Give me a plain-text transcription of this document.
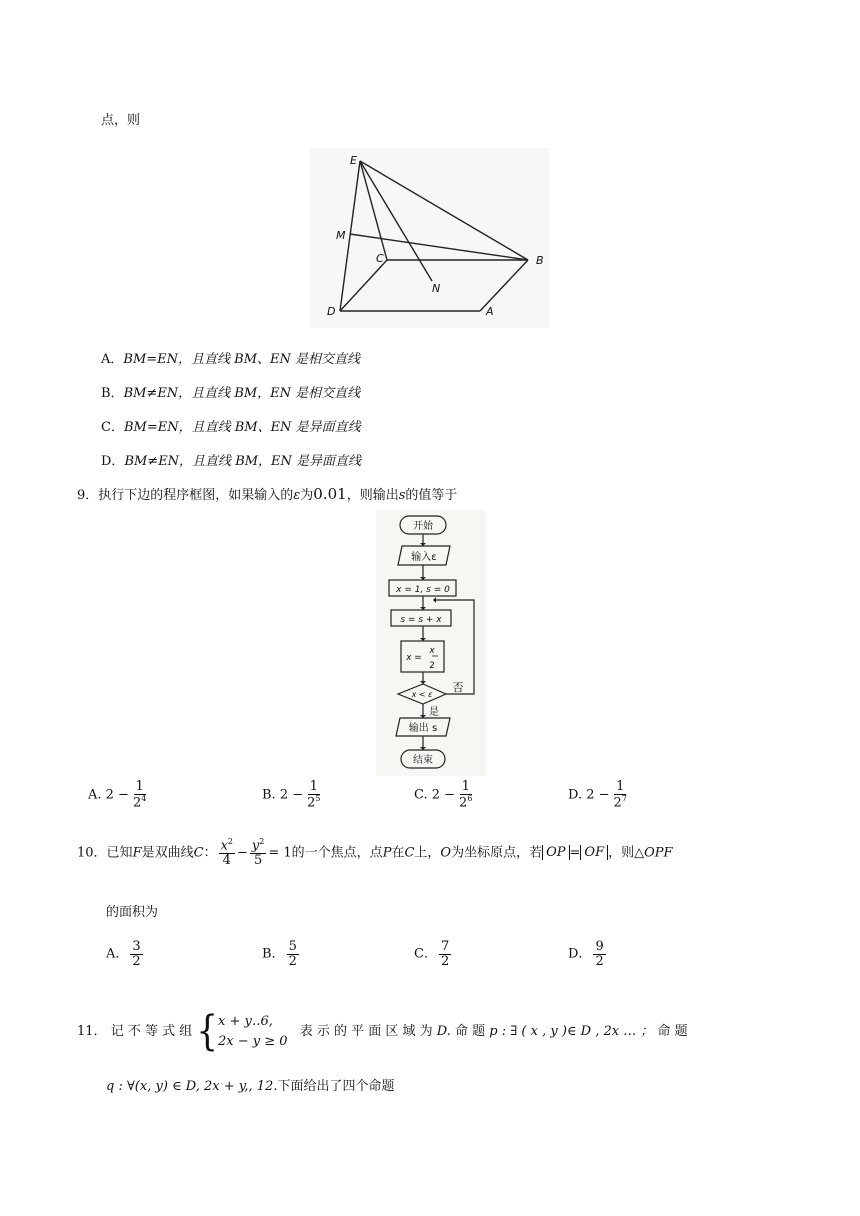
点，则
E
M
C	B
N
D	A
A．BM=EN，且直线 BM、EN 是相交直线
B．BM≠EN，且直线 BM，EN 是相交直线
C．BM=EN，且直线 BM、EN 是异面直线
D．BM≠EN，且直线 BM，EN 是异面直线
9．执行下边的程序框图，如果输入的ε为0.01，则输出s的值等于
开始
输入ε
x = 1, s = 0
s = s + x
x =
x
2
x < ε
否
是
输出 s
结束
A. $2 - \frac{1}{2^4}$	B. $2 - \frac{1}{2^5}$	C. $2 - \frac{1}{2^6}$	D. $2 - \frac{1}{2^7}$
10．已知F是双曲线C： $\frac{x^2}{4} - \frac{y^2}{5} = 1$的一个焦点，点P在C上，O为坐标原点，若 OP = OF ，则△OPF
的面积为
A． $\frac{3}{2}$	B． $\frac{5}{2}$	C． $\frac{7}{2}$	D． $\frac{9}{2}$
11． 记 不 等 式 组 { x + y‥6,
2x − y ≥ 0
表 示 的 平 面 区 域 为 D. 命 题 p : ∃ ( x , y )∈ D , 2x … ； 命 题
q : ∀(x, y) ∈ D, 2x + y,, 12.下面给出了四个命题
